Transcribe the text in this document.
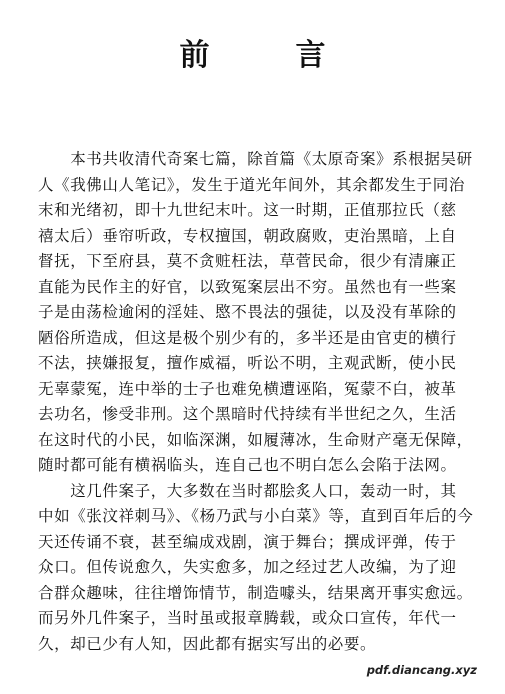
前　言
　　本书共收清代奇案七篇，除首篇《太原奇案》系根据吴研
人《我佛山人笔记》，发生于道光年间外，其余都发生于同治
末和光绪初，即十九世纪末叶。这一时期，正值那拉氏（慈
禧太后）垂帘听政，专权擅国，朝政腐败，吏治黑暗，上自
督抚，下至府县，莫不贪赃枉法，草菅民命，很少有清廉正
直能为民作主的好官，以致冤案层出不穷。虽然也有一些案
子是由荡检逾闲的淫娃、愍不畏法的强徒，以及没有革除的
陋俗所造成，但这是极个别少有的，多半还是由官吏的横行
不法，挟嫌报复，擅作威福，听讼不明，主观武断，使小民
无辜蒙冤，连中举的士子也难免横遭诬陷，冤蒙不白，被革
去功名，惨受非刑。这个黑暗时代持续有半世纪之久，生活
在这时代的小民，如临深渊，如履薄冰，生命财产毫无保障，
随时都可能有横祸临头，连自己也不明白怎么会陷于法网。
　　这几件案子，大多数在当时都脍炙人口，轰动一时，其
中如《张汶祥刺马》、《杨乃武与小白菜》等，直到百年后的今
天还传诵不衰，甚至编成戏剧，演于舞台；撰成评弹，传于
众口。但传说愈久，失实愈多，加之经过艺人改编，为了迎
合群众趣味，往往增饰情节，制造噱头，结果离开事实愈远。
而另外几件案子，当时虽或报章腾载，或众口宣传，年代一
久，却已少有人知，因此都有据实写出的必要。
pdf.diancang.xyz
